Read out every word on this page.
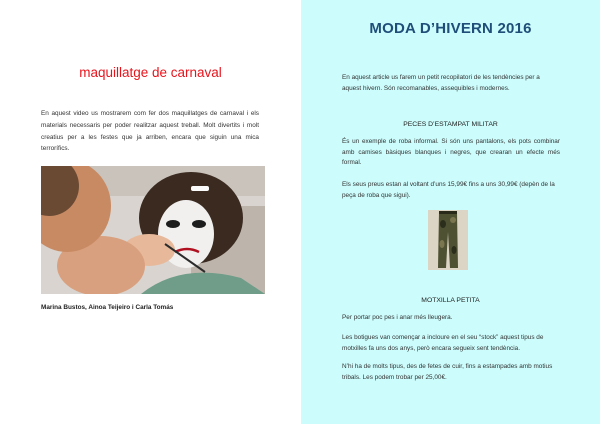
maquillatge de carnaval
En aquest video us mostrarem com fer dos maquillatges de carnaval i els materials necessaris per poder realitzar aquest treball. Molt divertits i molt creatius per a les festes que ja arriben, encara que siguin una mica terrorífics.
Marina Bustos, Ainoa Teijeiro i Carla Tomás
MODA D’HIVERN 2016
En aquest article us farem un petit recopilatori de les tendències per a aquest hivern. Són recomanables, assequibles i modernes.
PECES D’ESTAMPAT MILITAR
És un exemple de roba informal. Si són uns pantalons, els pots combinar amb camises bàsiques blanques i negres, que crearan un efecte més formal.
Els seus preus estan al voltant d’uns 15,99€ fins a uns 30,99€ (depèn de la peça de roba que sigui).
MOTXILLA PETITA
Per portar poc pes i anar més lleugera.
Les botigues van començar a incloure en el seu “stock” aquest tipus de motxilles fa uns dos anys, però encara segueix sent tendència.
N’hi ha de molts tipus, des de fetes de cuir, fins a estampades amb motius tribals. Les podem trobar per 25,00€.
